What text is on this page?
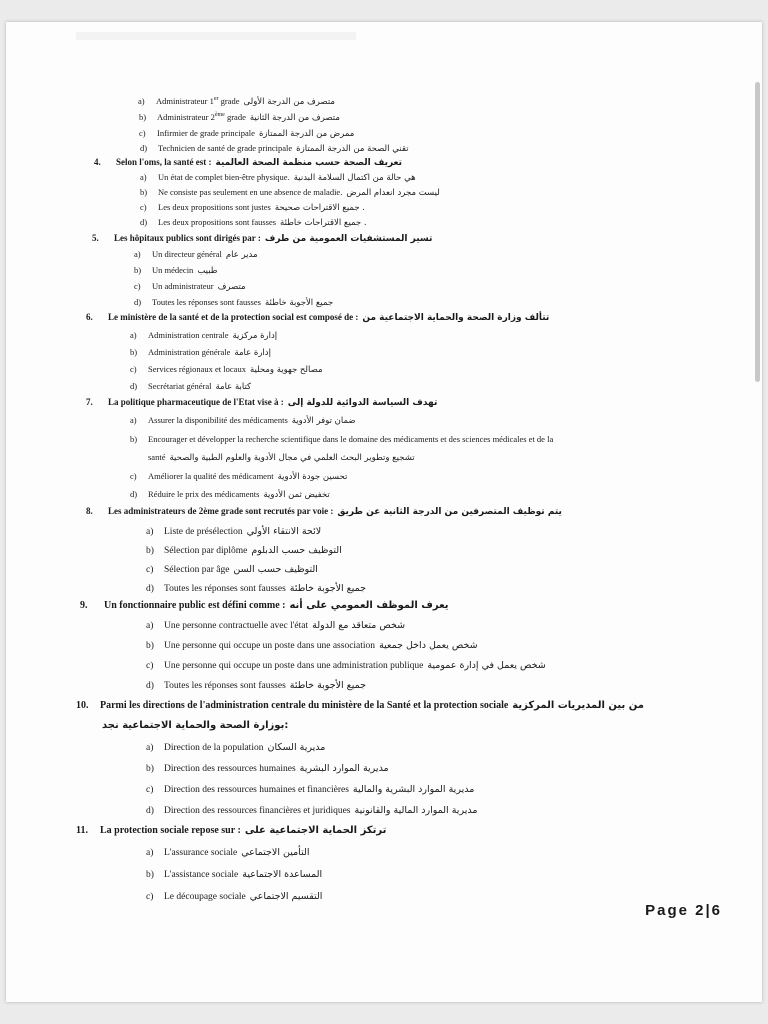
a) Administrateur 1er grade متصرف من الدرجة الأولى
b) Administrateur 2ème grade متصرف من الدرجة الثانية
c) Infirmier de grade principale ممرض من الدرجة الممتازة
d) Technicien de santé de grade principale تقني الصحة من الدرجة الممتازة
4. Selon l'oms, la santé est : تعريف الصحة حسب منظمة الصحة العالمية
a) Un état de complet bien-être physique. هي حالة من اكتمال السلامة البدنية
b) Ne consiste pas seulement en une absence de maladie. ليست مجرد انعدام المرض
c) Les deux propositions sont justes جميع الاقتراحات صحيحة .
d) Les deux propositions sont fausses جميع الاقتراحات خاطئة .
5. Les hôpitaux publics sont dirigés par : تسير المستشفيات العمومية من طرف
a) Un directeur général مدير عام
b) Un médecin طبيب
c) Un administrateur متصرف
d) Toutes les réponses sont fausses جميع الأجوبة خاطئة
6. Le ministère de la santé et de la protection social est composé de : تتألف وزارة الصحة والحماية الاجتماعية من
a) Administration centrale إدارة مركزية
b) Administration générale إدارة عامة
c) Services régionaux et locaux مصالح جهوية ومحلية
d) Secrétariat général كتابة عامة
7. La politique pharmaceutique de l'Etat vise à : تهدف السياسة الدوائية للدولة إلى
a) Assurer la disponibilité des médicaments ضمان توفر الأدوية
b) Encourager et développer la recherche scientifique dans le domaine des médicaments et des sciences médicales et de la
santé تشجيع وتطوير البحث العلمي في مجال الأدوية والعلوم الطبية والصحية
c) Améliorer la qualité des médicament تحسين جودة الأدوية
d) Réduire le prix des médicaments تخفيض ثمن الأدوية
8. Les administrateurs de 2ème grade sont recrutés par voie : يتم توظيف المتصرفين من الدرجة الثانية عن طريق
a) Liste de présélection لائحة الانتقاء الأولي
b) Sélection par diplôme التوظيف حسب الدبلوم
c) Sélection par âge التوظيف حسب السن
d) Toutes les réponses sont fausses جميع الأجوبة خاطئة
9. Un fonctionnaire public est défini comme : يعرف الموظف العمومي على أنه
a) Une personne contractuelle avec l'état شخص متعاقد مع الدولة
b) Une personne qui occupe un poste dans une association شخص يعمل داخل جمعية
c) Une personne qui occupe un poste dans une administration publique شخص يعمل في إدارة عمومية
d) Toutes les réponses sont fausses جميع الأجوبة خاطئة
10. Parmi les directions de l'administration centrale du ministère de la Santé et la protection sociale من بين المديريات المركزية
بوزارة الصحة والحماية الاجتماعية نجد:
a) Direction de la population مديرية السكان
b) Direction des ressources humaines مديرية الموارد البشرية
c) Direction des ressources humaines et financières مديرية الموارد البشرية والمالية
d) Direction des ressources financières et juridiques مديرية الموارد المالية والقانونية
11. La protection sociale repose sur : ترتكز الحماية الاجتماعية على
a) L'assurance sociale التأمين الاجتماعي
b) L'assistance sociale المساعدة الاجتماعية
c) Le découpage sociale التقسيم الاجتماعي
Page 2|6
